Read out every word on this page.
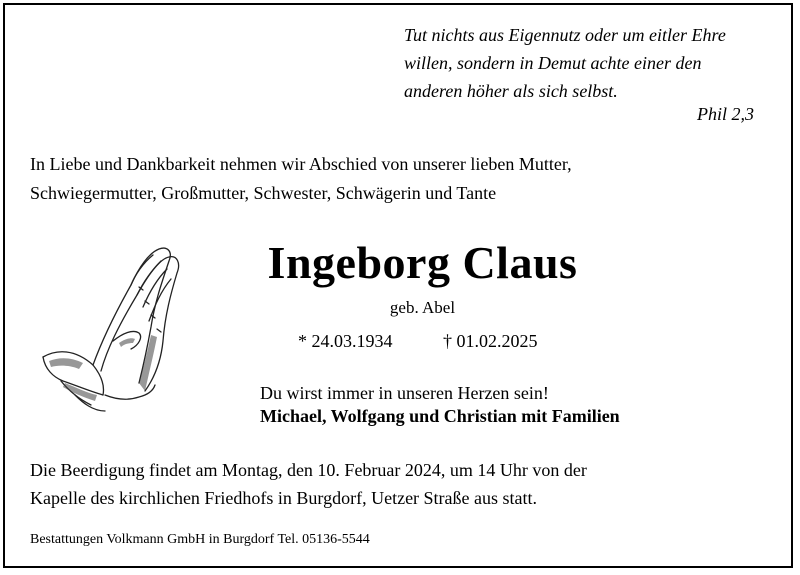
Tut nichts aus Eigennutz oder um eitler Ehre
willen, sondern in Demut achte einer den
anderen höher als sich selbst.
Phil 2,3
In Liebe und Dankbarkeit nehmen wir Abschied von unserer lieben Mutter,
Schwiegermutter, Großmutter, Schwester, Schwägerin und Tante
Ingeborg Claus
geb. Abel
* 24.03.1934	† 01.02.2025
Du wirst immer in unseren Herzen sein!
Michael, Wolfgang und Christian mit Familien
Die Beerdigung findet am Montag, den 10. Februar 2024, um 14 Uhr von der
Kapelle des kirchlichen Friedhofs in Burgdorf, Uetzer Straße aus statt.
Bestattungen Volkmann GmbH in Burgdorf Tel. 05136-5544
